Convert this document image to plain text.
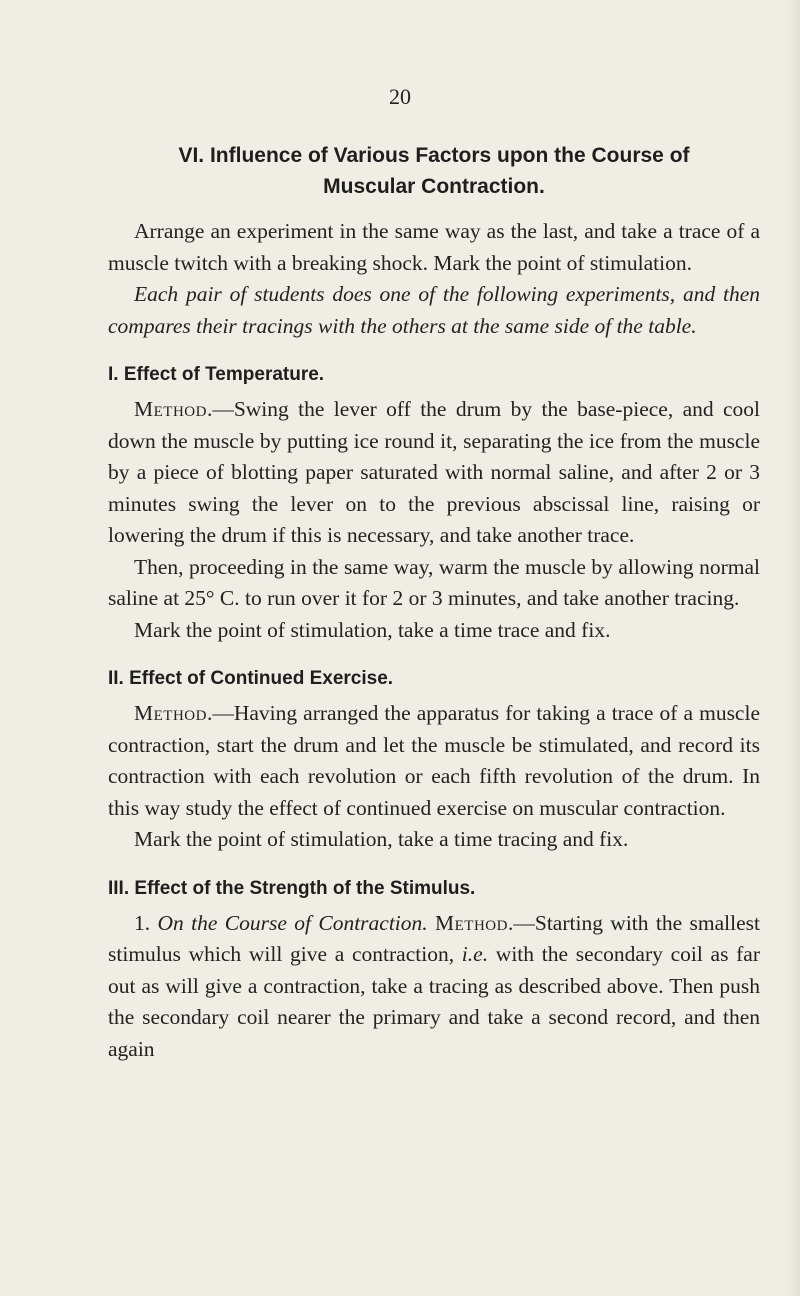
20
VI. Influence of Various Factors upon the Course of
Muscular Contraction.

Arrange an experiment in the same way as the last, and take a trace of a muscle twitch with a breaking shock. Mark the point of stimulation.

Each pair of students does one of the following experiments, and then compares their tracings with the others at the same side of the table.

I. Effect of Temperature.

Method.—Swing the lever off the drum by the base-piece, and cool down the muscle by putting ice round it, separating the ice from the muscle by a piece of blotting paper saturated with normal saline, and after 2 or 3 minutes swing the lever on to the previous abscissal line, raising or lowering the drum if this is necessary, and take another trace.

Then, proceeding in the same way, warm the muscle by allowing normal saline at 25° C. to run over it for 2 or 3 minutes, and take another tracing.

Mark the point of stimulation, take a time trace and fix.

II. Effect of Continued Exercise.

Method.—Having arranged the apparatus for taking a trace of a muscle contraction, start the drum and let the muscle be stimulated, and record its contraction with each revolution or each fifth revolution of the drum. In this way study the effect of continued exercise on muscular contraction.

Mark the point of stimulation, take a time tracing and fix.

III. Effect of the Strength of the Stimulus.

1. On the Course of Contraction. Method.—Starting with the smallest stimulus which will give a contraction, i.e. with the secondary coil as far out as will give a contraction, take a tracing as described above. Then push the secondary coil nearer the primary and take a second record, and then again
